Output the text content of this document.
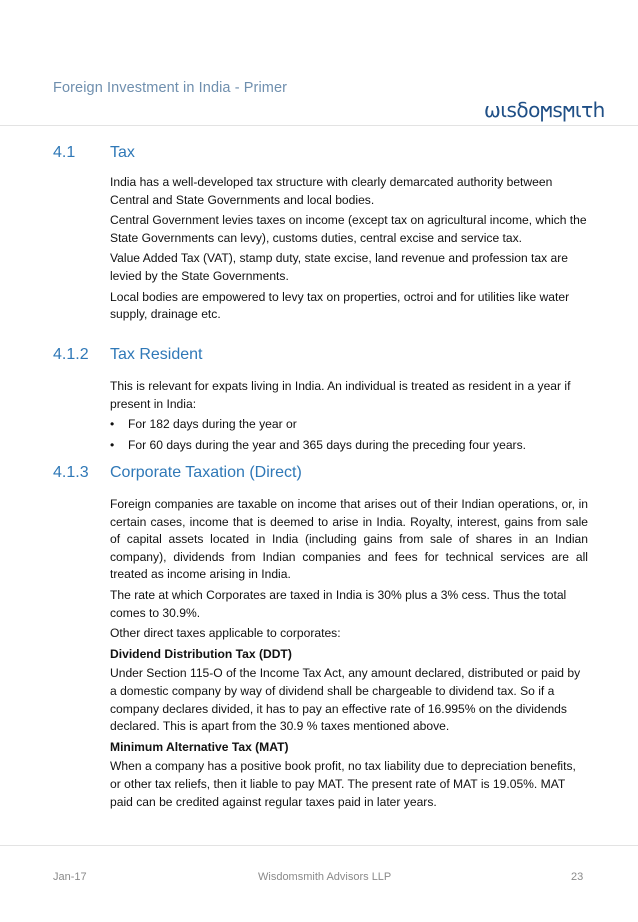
Foreign Investment in India - Primer
ωιsδoϻsϻιτh
4.1 Tax

India has a well-developed tax structure with clearly demarcated authority between Central and State Governments and local bodies.

Central Government levies taxes on income (except tax on agricultural income, which the State Governments can levy), customs duties, central excise and service tax.

Value Added Tax (VAT), stamp duty, state excise, land revenue and profession tax are levied by the State Governments.

Local bodies are empowered to levy tax on properties, octroi and for utilities like water supply, drainage etc.

4.1.2 Tax Resident

This is relevant for expats living in India. An individual is treated as resident in a year if present in India:

• For 182 days during the year or
• For 60 days during the year and 365 days during the preceding four years.
4.1.3 Corporate Taxation (Direct)

Foreign companies are taxable on income that arises out of their Indian operations, or, in certain cases, income that is deemed to arise in India. Royalty, interest, gains from sale of capital assets located in India (including gains from sale of shares in an Indian company), dividends from Indian companies and fees for technical services are all treated as income arising in India.

The rate at which Corporates are taxed in India is 30% plus a 3% cess. Thus the total comes to 30.9%.

Other direct taxes applicable to corporates:

Dividend Distribution Tax (DDT)

Under Section 115-O of the Income Tax Act, any amount declared, distributed or paid by a domestic company by way of dividend shall be chargeable to dividend tax. So if a company declares divided, it has to pay an effective rate of 16.995% on the dividends declared. This is apart from the 30.9 % taxes mentioned above.

Minimum Alternative Tax (MAT)

When a company has a positive book profit, no tax liability due to depreciation benefits, or other tax reliefs, then it liable to pay MAT. The present rate of MAT is 19.05%. MAT paid can be credited against regular taxes paid in later years.

Jan-17	Wisdomsmith Advisors LLP	23
